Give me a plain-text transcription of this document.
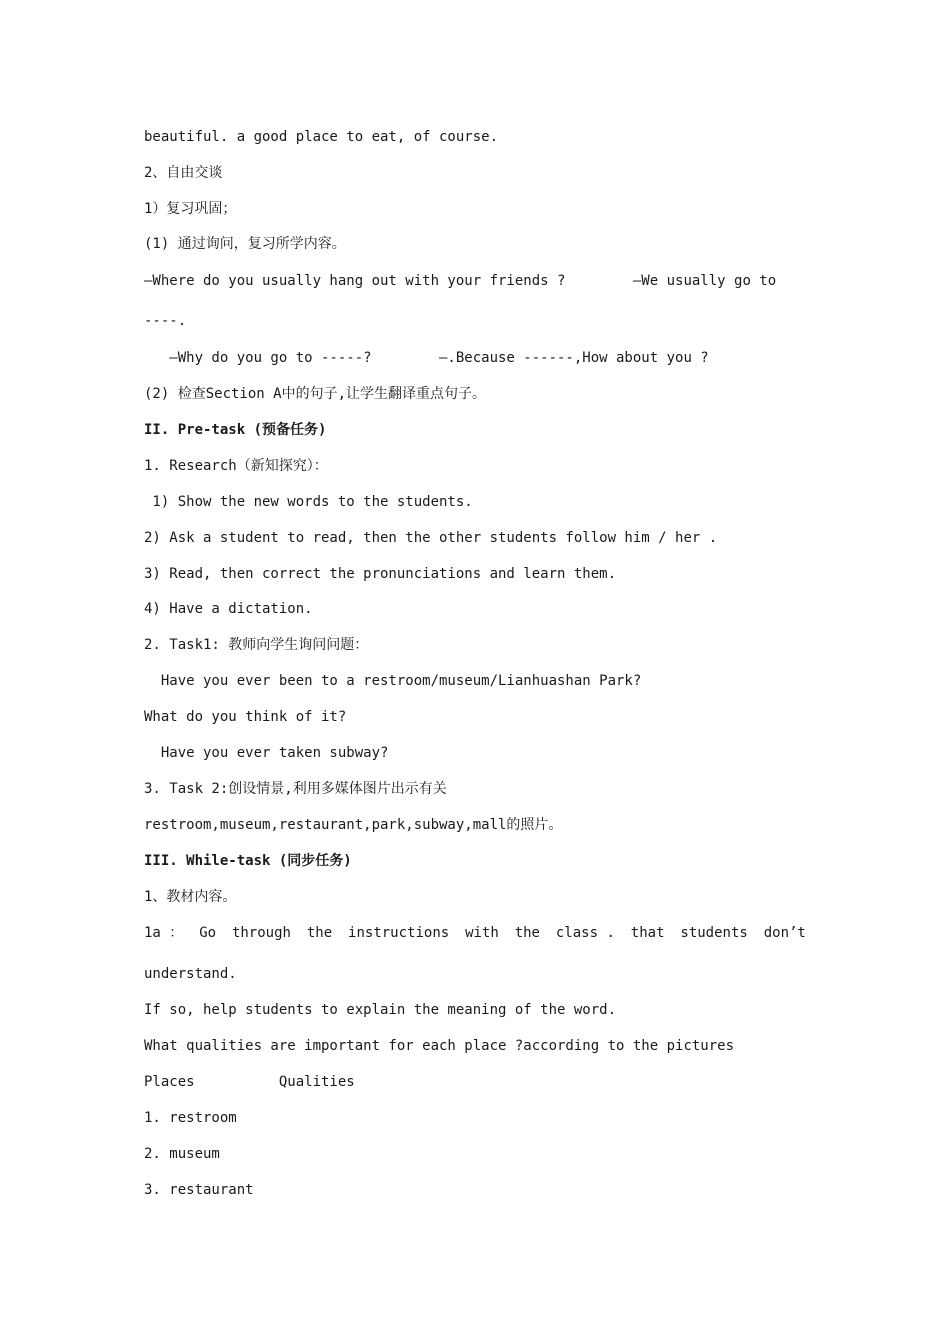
beautiful. a good place to eat, of course.
2、自由交谈
1）复习巩固；
(1) 通过询问，复习所学内容。
—Where do you usually hang out with your friends ?        —We usually go to
----.
—Why do you go to -----?        —.Because ------,How about you ?
(2) 检查Section A中的句子,让学生翻译重点句子。
II. Pre-task (预备任务)
1. Research（新知探究）：
1) Show the new words to the students.
2) Ask a student to read, then the other students follow him / her .
3) Read, then correct the pronunciations and learn them.
4) Have a dictation.
2. Task1: 教师向学生询问问题：
Have you ever been to a restroom/museum/Lianhuashan Park?
What do you think of it?
Have you ever taken subway?
3. Task 2:创设情景,利用多媒体图片出示有关
restroom,museum,restaurant,park,subway,mall的照片。
III. While-task (同步任务)
1、教材内容。
1a ： Go through the instructions with the class . that students don’t
understand.
If so, help students to explain the meaning of the word.
What qualities are important for each place ?according to the pictures
Places          Qualities
1. restroom
2. museum
3. restaurant
